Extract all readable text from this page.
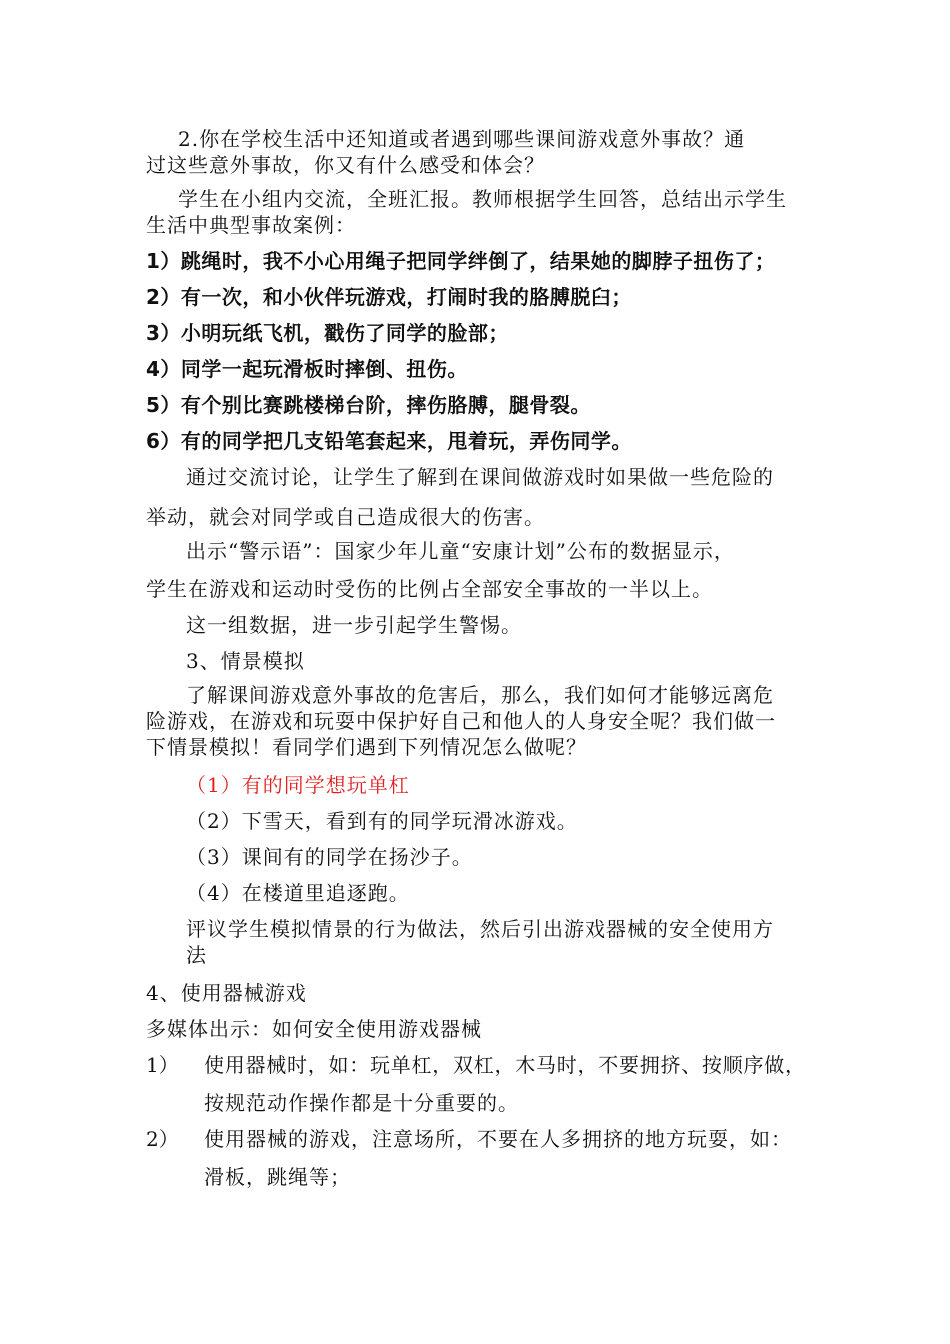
2.你在学校生活中还知道或者遇到哪些课间游戏意外事故？通
过这些意外事故，你又有什么感受和体会？
学生在小组内交流，全班汇报。教师根据学生回答，总结出示学生
生活中典型事故案例：
1）跳绳时，我不小心用绳子把同学绊倒了，结果她的脚脖子扭伤了；
2）有一次，和小伙伴玩游戏，打闹时我的胳膊脱臼；
3）小明玩纸飞机，戳伤了同学的脸部；
4）同学一起玩滑板时摔倒、扭伤。
5）有个别比赛跳楼梯台阶，摔伤胳膊，腿骨裂。
6）有的同学把几支铅笔套起来，甩着玩，弄伤同学。
通过交流讨论，让学生了解到在课间做游戏时如果做一些危险的
举动，就会对同学或自己造成很大的伤害。
出示“警示语”：国家少年儿童“安康计划”公布的数据显示，
学生在游戏和运动时受伤的比例占全部安全事故的一半以上。
这一组数据，进一步引起学生警惕。
3、情景模拟
了解课间游戏意外事故的危害后，那么，我们如何才能够远离危
险游戏，在游戏和玩耍中保护好自己和他人的人身安全呢？我们做一
下情景模拟！看同学们遇到下列情况怎么做呢？
（1）有的同学想玩单杠
（2）下雪天，看到有的同学玩滑冰游戏。
（3）课间有的同学在扬沙子。
（4）在楼道里追逐跑。
评议学生模拟情景的行为做法，然后引出游戏器械的安全使用方
法
4、使用器械游戏
多媒体出示：如何安全使用游戏器械
1） 使用器械时，如：玩单杠，双杠，木马时，不要拥挤、按顺序做，
按规范动作操作都是十分重要的。
2） 使用器械的游戏，注意场所，不要在人多拥挤的地方玩耍，如：
滑板，跳绳等；
